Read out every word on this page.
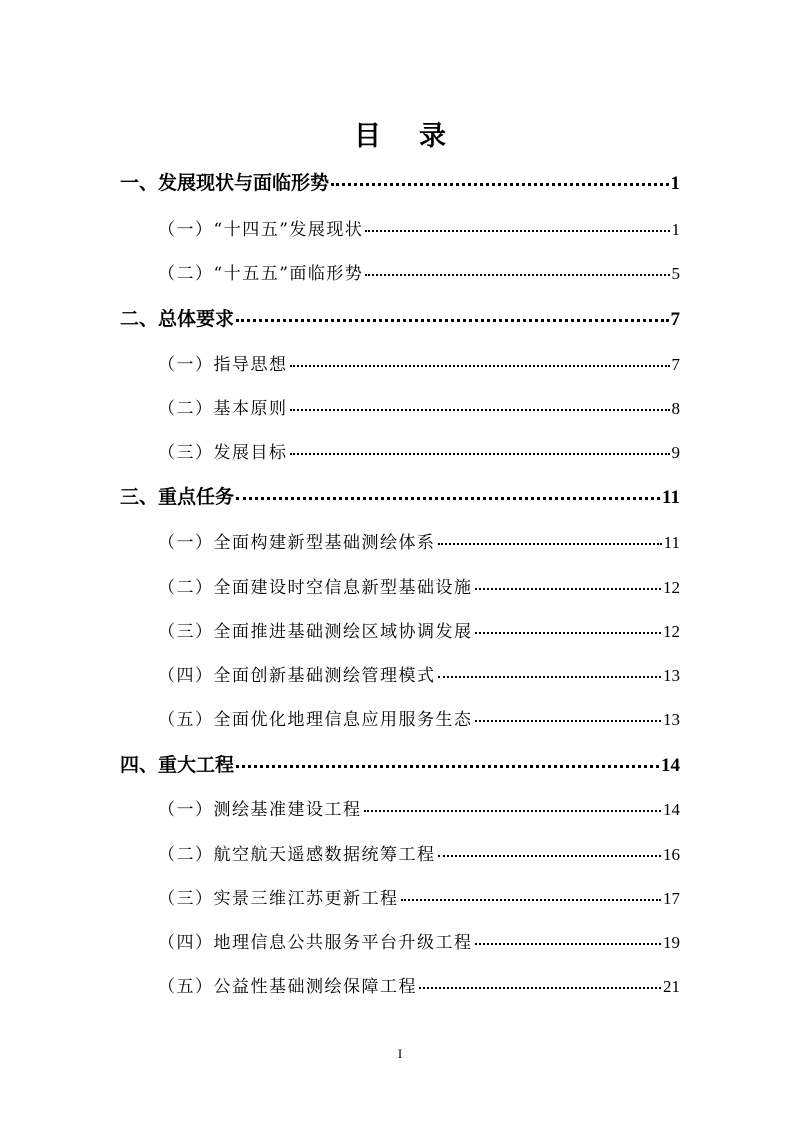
目 录
一、发展现状与面临形势	1
（一）“十四五”发展现状	1
（二）“十五五”面临形势	5
二、总体要求	7
（一）指导思想	7
（二）基本原则	8
（三）发展目标	9
三、重点任务	11
（一）全面构建新型基础测绘体系	11
（二）全面建设时空信息新型基础设施	12
（三）全面推进基础测绘区域协调发展	12
（四）全面创新基础测绘管理模式	13
（五）全面优化地理信息应用服务生态	13
四、重大工程	14
（一）测绘基准建设工程	14
（二）航空航天遥感数据统筹工程	16
（三）实景三维江苏更新工程	17
（四）地理信息公共服务平台升级工程	19
（五）公益性基础测绘保障工程	21
I
